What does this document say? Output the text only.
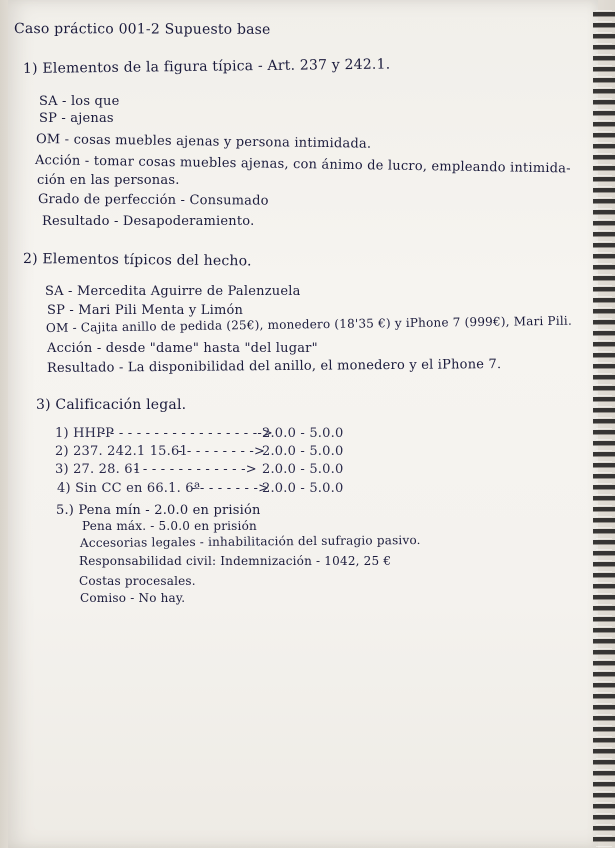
Caso práctico 001-2 Supuesto base
1) Elementos de la figura típica - Art. 237 y 242.1.
SA - los que
SP - ajenas
OM - cosas muebles ajenas y persona intimidada.
Acción - tomar cosas muebles ajenas, con ánimo de lucro, empleando intimida-
ción en las personas.
Grado de perfección - Consumado
Resultado - Desapoderamiento.
2) Elementos típicos del hecho.
SA - Mercedita Aguirre de Palenzuela
SP - Mari Pili Menta y Limón
OM - Cajita anillo de pedida (25€), monedero (18'35 €) y iPhone 7 (999€), Mari Pili.
Acción - desde "dame" hasta "del lugar"
Resultado - La disponibilidad del anillo, el monedero y el iPhone 7.
3) Calificación legal.
1) HHPP
- - - - - - - - - - - - - - - - - -->
2.0.0 - 5.0.0
2) 237. 242.1 15.61
- - - - - - - - ->
2.0.0 - 5.0.0
3) 27. 28. 61
- - - - - - - - - - - - -> 2.0.0 - 5.0.0
4) Sin CC en 66.1. 6ª
- - - - - - - ->
2.0.0 - 5.0.0
5.) Pena mín - 2.0.0 en prisión
Pena máx. - 5.0.0 en prisión
Accesorias legales - inhabilitación del sufragio pasivo.
Responsabilidad civil: Indemnización - 1042, 25 €
Costas procesales.
Comiso - No hay.
